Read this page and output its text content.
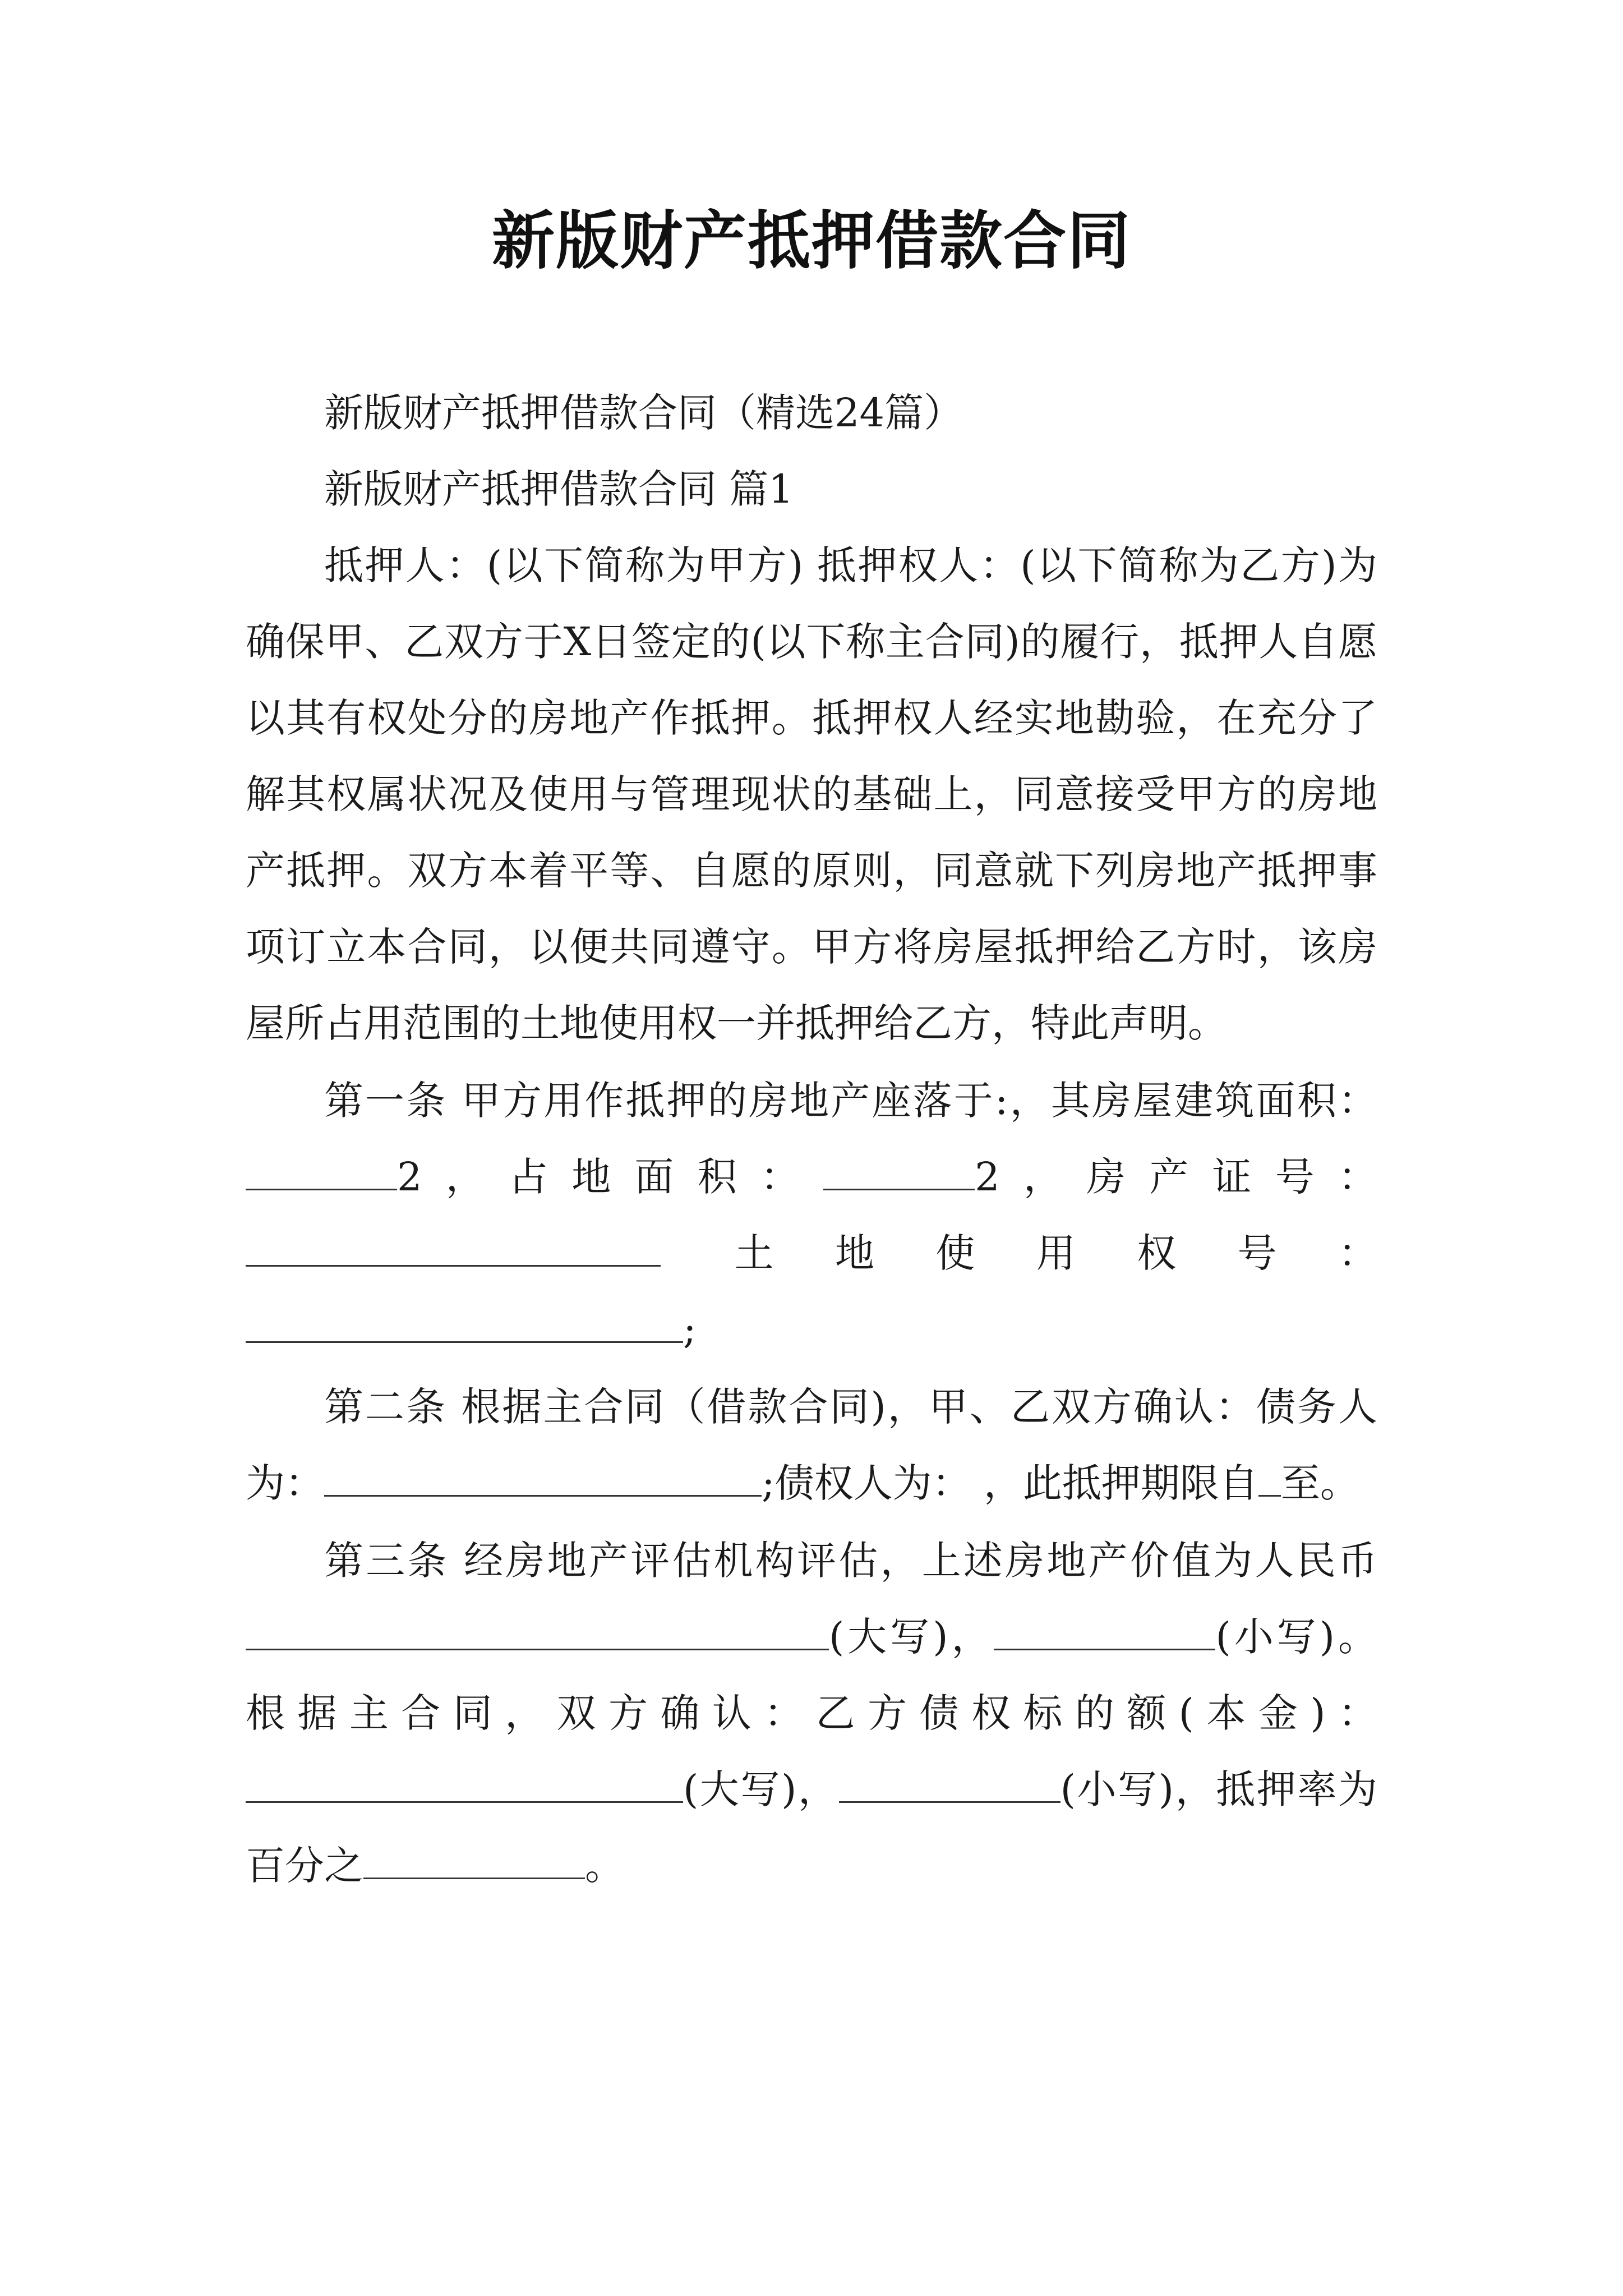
新版财产抵押借款合同

新版财产抵押借款合同（精选24篇）

新版财产抵押借款合同 篇1

抵押人：(以下简称为甲方) 抵押权人：(以下简称为乙方)为确保甲、乙双方于X日签定的(以下称主合同)的履行，抵押人自愿以其有权处分的房地产作抵押。抵押权人经实地勘验，在充分了解其权属状况及使用与管理现状的基础上，同意接受甲方的房地产抵押。双方本着平等、自愿的原则，同意就下列房地产抵押事项订立本合同，以便共同遵守。甲方将房屋抵押给乙方时，该房屋所占用范围的土地使用权一并抵押给乙方，特此声明。

第一条 甲方用作抵押的房地产座落于:，其房屋建筑面积：2，占地面积：	2，房产证号： 土地使用权号：;

第二条 根据主合同（借款合同)，甲、乙双方确认：债务人为：	;债权人为： ，此抵押期限自 至。

第三条 经房地产评估机构评估，上述房地产价值为人民币(大写)，	(小写)。根据主合同，双方确认：乙方债权标的额(本金)：(大写)，	(小写)，抵押率为百分之	。
